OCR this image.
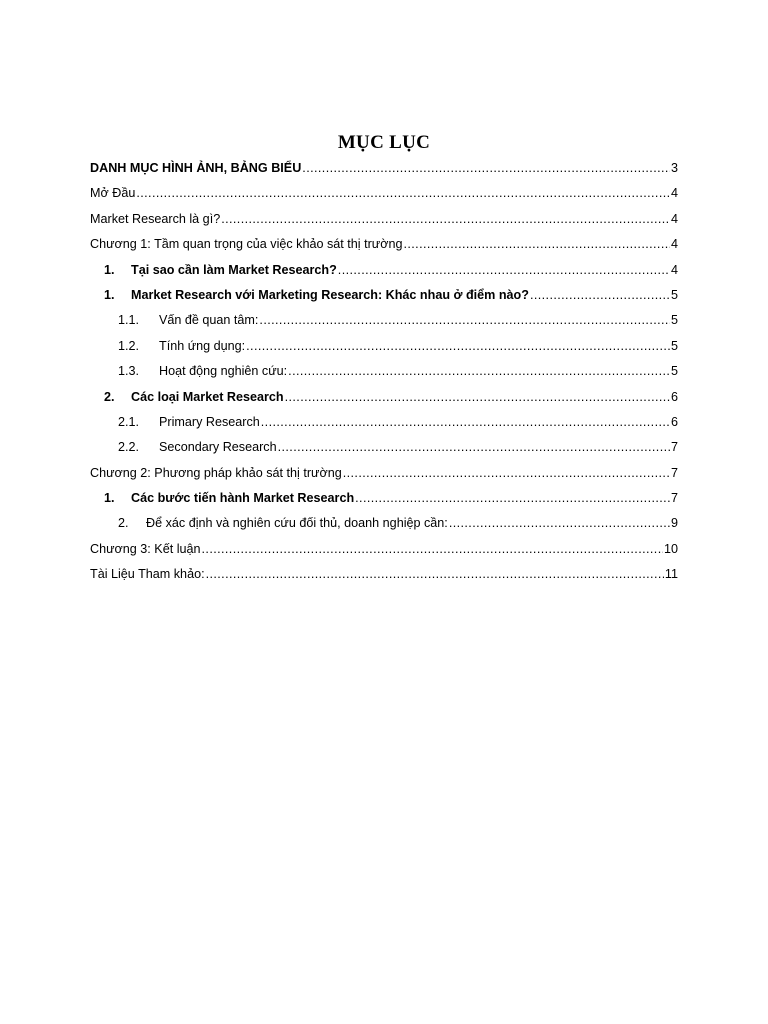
MỤC LỤC
DANH MỤC HÌNH ẢNH, BẢNG BIỂU .....	3
Mở Đầu .....	4
Market Research là gì? .....	4
Chương 1: Tầm quan trọng của việc khảo sát thị trường .....	4
1.	Tại sao cần làm Market Research? .....	4
1.	Market Research với Marketing Research: Khác nhau ở điểm nào? .....	5
1.1.	Vấn đề quan tâm: .....	5
1.2.	Tính ứng dụng: .....	5
1.3.	Hoạt động nghiên cứu: .....	5
2.	Các loại Market Research .....	6
2.1.	Primary Research .....	6
2.2.	Secondary Research .....	7
Chương 2: Phương pháp khảo sát thị trường .....	7
1.	Các bước tiến hành Market Research .....	7
2.	Để xác định và nghiên cứu đối thủ, doanh nghiệp cần: .....	9
Chương 3: Kết luận .....	10
Tài Liệu Tham khảo: .....	11
